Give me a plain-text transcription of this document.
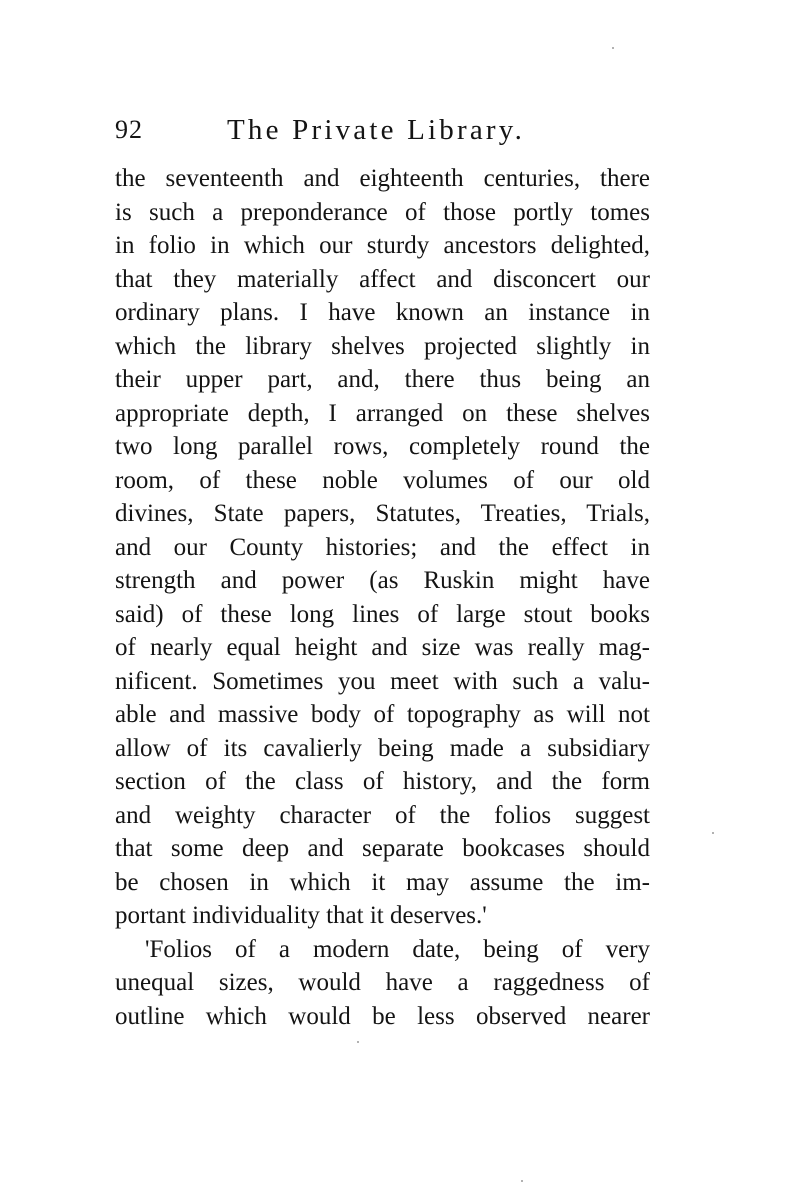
92	The Private Library.
the seventeenth and eighteenth centuries, there
is such a preponderance of those portly tomes
in folio in which our sturdy ancestors delighted,
that they materially affect and disconcert our
ordinary plans. I have known an instance in
which the library shelves projected slightly in
their upper part, and, there thus being an
appropriate depth, I arranged on these shelves
two long parallel rows, completely round the
room, of these noble volumes of our old
divines, State papers, Statutes, Treaties, Trials,
and our County histories; and the effect in
strength and power (as Ruskin might have
said) of these long lines of large stout books
of nearly equal height and size was really mag-
nificent. Sometimes you meet with such a valu-
able and massive body of topography as will not
allow of its cavalierly being made a subsidiary
section of the class of history, and the form
and weighty character of the folios suggest
that some deep and separate bookcases should
be chosen in which it may assume the im-
portant individuality that it deserves.'
'Folios of a modern date, being of very
unequal sizes, would have a raggedness of
outline which would be less observed nearer
